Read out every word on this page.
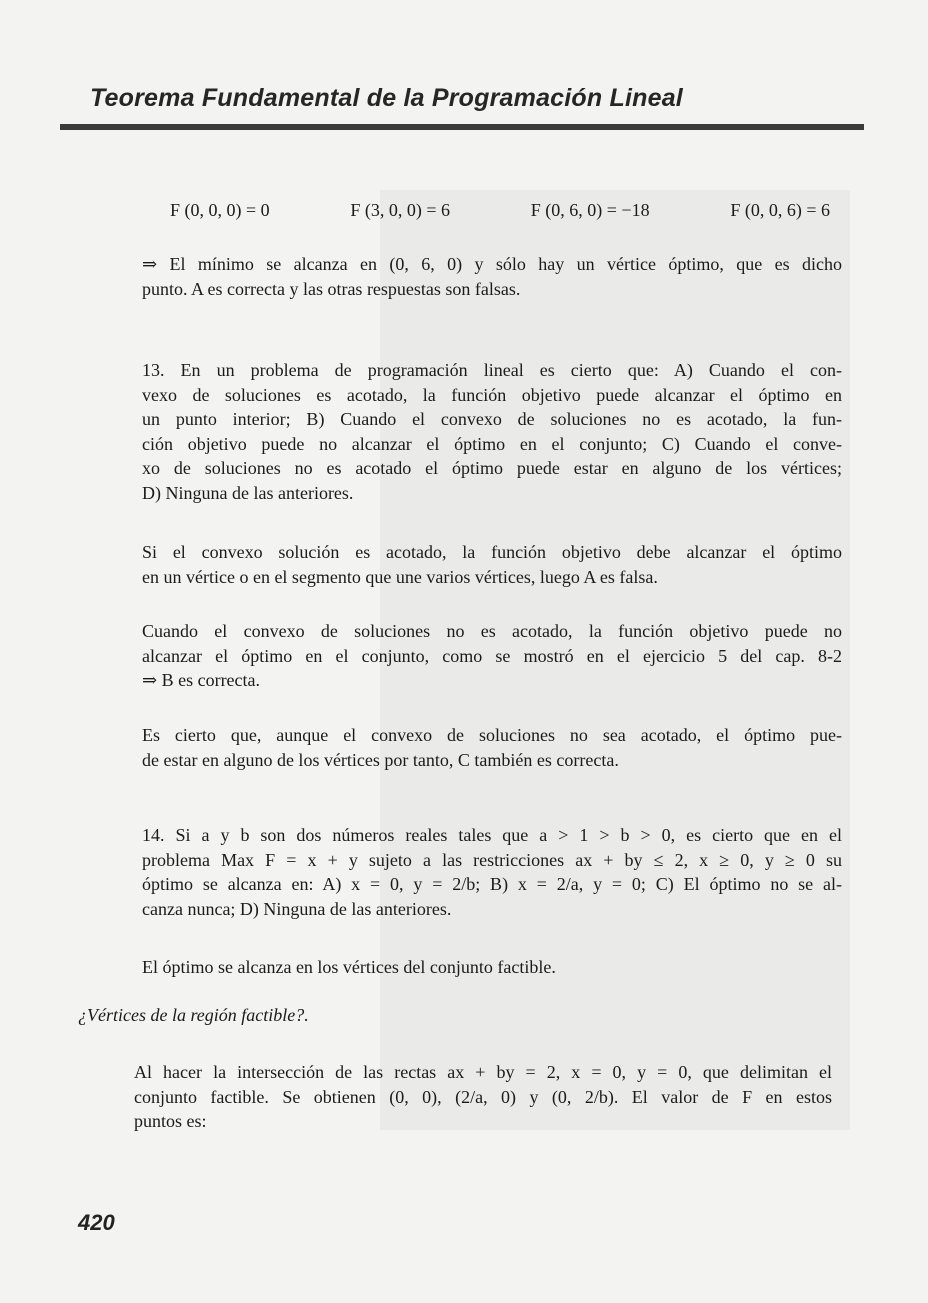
Teorema Fundamental de la Programación Lineal
F (0, 0, 0) = 0	F (3, 0, 0) = 6	F (0, 6, 0) = −18	F (0, 0, 6) = 6
⇒ El mínimo se alcanza en (0, 6, 0) y sólo hay un vértice óptimo, que es dicho
punto. A es correcta y las otras respuestas son falsas.
13. En un problema de programación lineal es cierto que: A) Cuando el con-
vexo de soluciones es acotado, la función objetivo puede alcanzar el óptimo en
un punto interior; B) Cuando el convexo de soluciones no es acotado, la fun-
ción objetivo puede no alcanzar el óptimo en el conjunto; C) Cuando el conve-
xo de soluciones no es acotado el óptimo puede estar en alguno de los vértices;
D) Ninguna de las anteriores.
Si el convexo solución es acotado, la función objetivo debe alcanzar el óptimo
en un vértice o en el segmento que une varios vértices, luego A es falsa.
Cuando el convexo de soluciones no es acotado, la función objetivo puede no
alcanzar el óptimo en el conjunto, como se mostró en el ejercicio 5 del cap. 8-2
⇒ B es correcta.
Es cierto que, aunque el convexo de soluciones no sea acotado, el óptimo pue-
de estar en alguno de los vértices por tanto, C también es correcta.
14. Si a y b son dos números reales tales que a > 1 > b > 0, es cierto que en el
problema Max F = x + y sujeto a las restricciones ax + by ≤ 2, x ≥ 0, y ≥ 0 su
óptimo se alcanza en: A) x = 0, y = 2/b; B) x = 2/a, y = 0; C) El óptimo no se al-
canza nunca; D) Ninguna de las anteriores.
El óptimo se alcanza en los vértices del conjunto factible.
¿Vértices de la región factible?.
Al hacer la intersección de las rectas ax + by = 2, x = 0, y = 0, que delimitan el
conjunto factible. Se obtienen (0, 0), (2/a, 0) y (0, 2/b). El valor de F en estos
puntos es:
420
